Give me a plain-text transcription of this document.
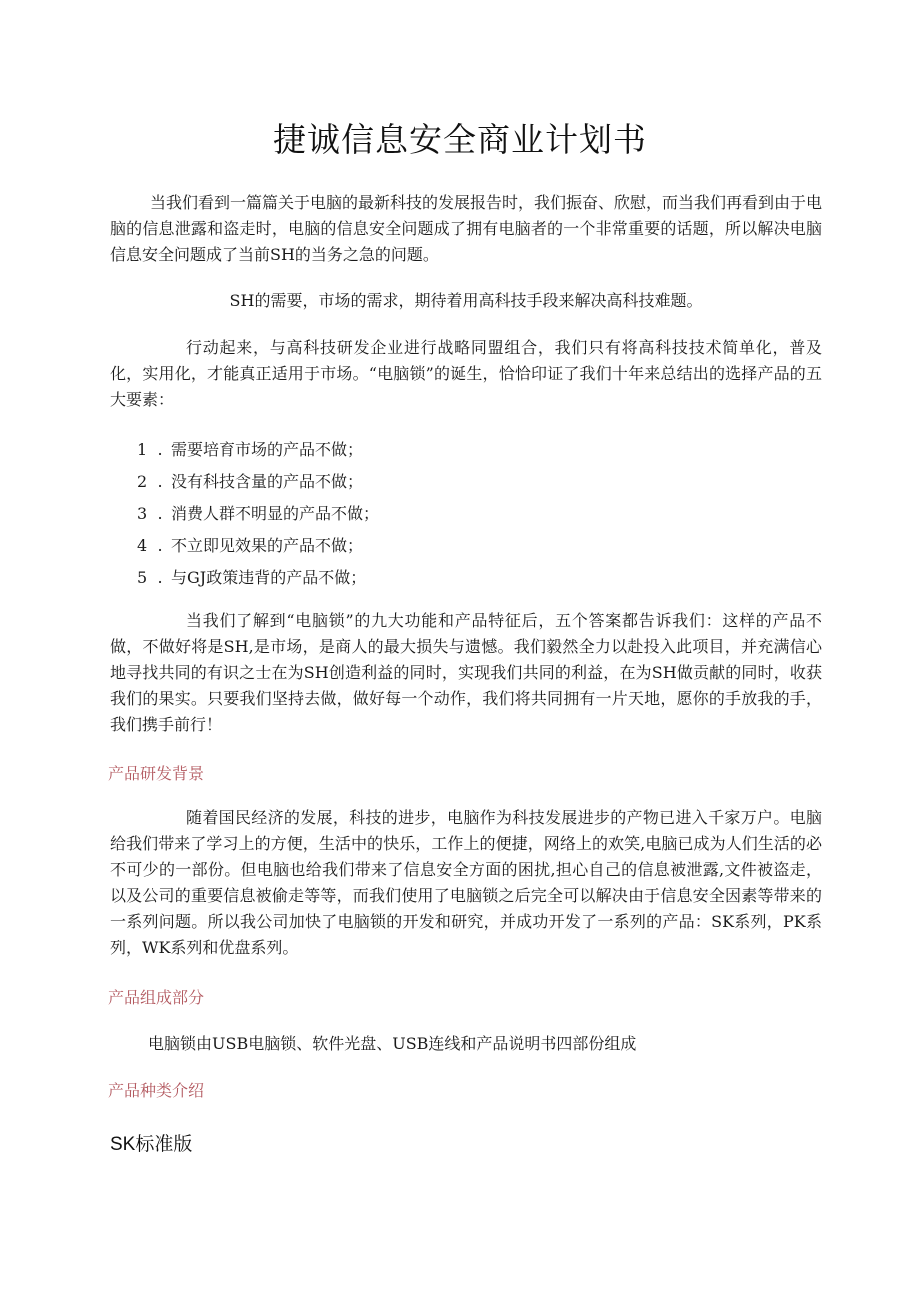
捷诚信息安全商业计划书

当我们看到一篇篇关于电脑的最新科技的发展报告时，我们振奋、欣慰，而当我们再看到由于电脑的信息泄露和盗走时，电脑的信息安全问题成了拥有电脑者的一个非常重要的话题，所以解决电脑信息安全问题成了当前SH的当务之急的问题。

SH的需要，市场的需求，期待着用高科技手段来解决高科技难题。

行动起来，与高科技研发企业进行战略同盟组合，我们只有将高科技技术简单化，普及化，实用化，才能真正适用于市场。“电脑锁”的诞生，恰恰印证了我们十年来总结出的选择产品的五大要素：

1 . 需要培育市场的产品不做；
2 . 没有科技含量的产品不做；
3 . 消费人群不明显的产品不做；
4 . 不立即见效果的产品不做；
5 . 与GJ政策违背的产品不做；

当我们了解到“电脑锁”的九大功能和产品特征后，五个答案都告诉我们：这样的产品不做，不做好将是SH,是市场，是商人的最大损失与遗憾。我们毅然全力以赴投入此项目，并充满信心地寻找共同的有识之士在为SH创造利益的同时，实现我们共同的利益，在为SH做贡献的同时，收获我们的果实。只要我们坚持去做，做好每一个动作，我们将共同拥有一片天地，愿你的手放我的手，我们携手前行！

产品研发背景

随着国民经济的发展，科技的进步，电脑作为科技发展进步的产物已进入千家万户。电脑给我们带来了学习上的方便，生活中的快乐，工作上的便捷，网络上的欢笑,电脑已成为人们生活的必不可少的一部份。但电脑也给我们带来了信息安全方面的困扰,担心自己的信息被泄露,文件被盗走，以及公司的重要信息被偷走等等，而我们使用了电脑锁之后完全可以解决由于信息安全因素等带来的一系列问题。所以我公司加快了电脑锁的开发和研究，并成功开发了一系列的产品：SK系列，PK系列，WK系列和优盘系列。

产品组成部分

电脑锁由USB电脑锁、软件光盘、USB连线和产品说明书四部份组成

产品种类介绍
SK标准版
